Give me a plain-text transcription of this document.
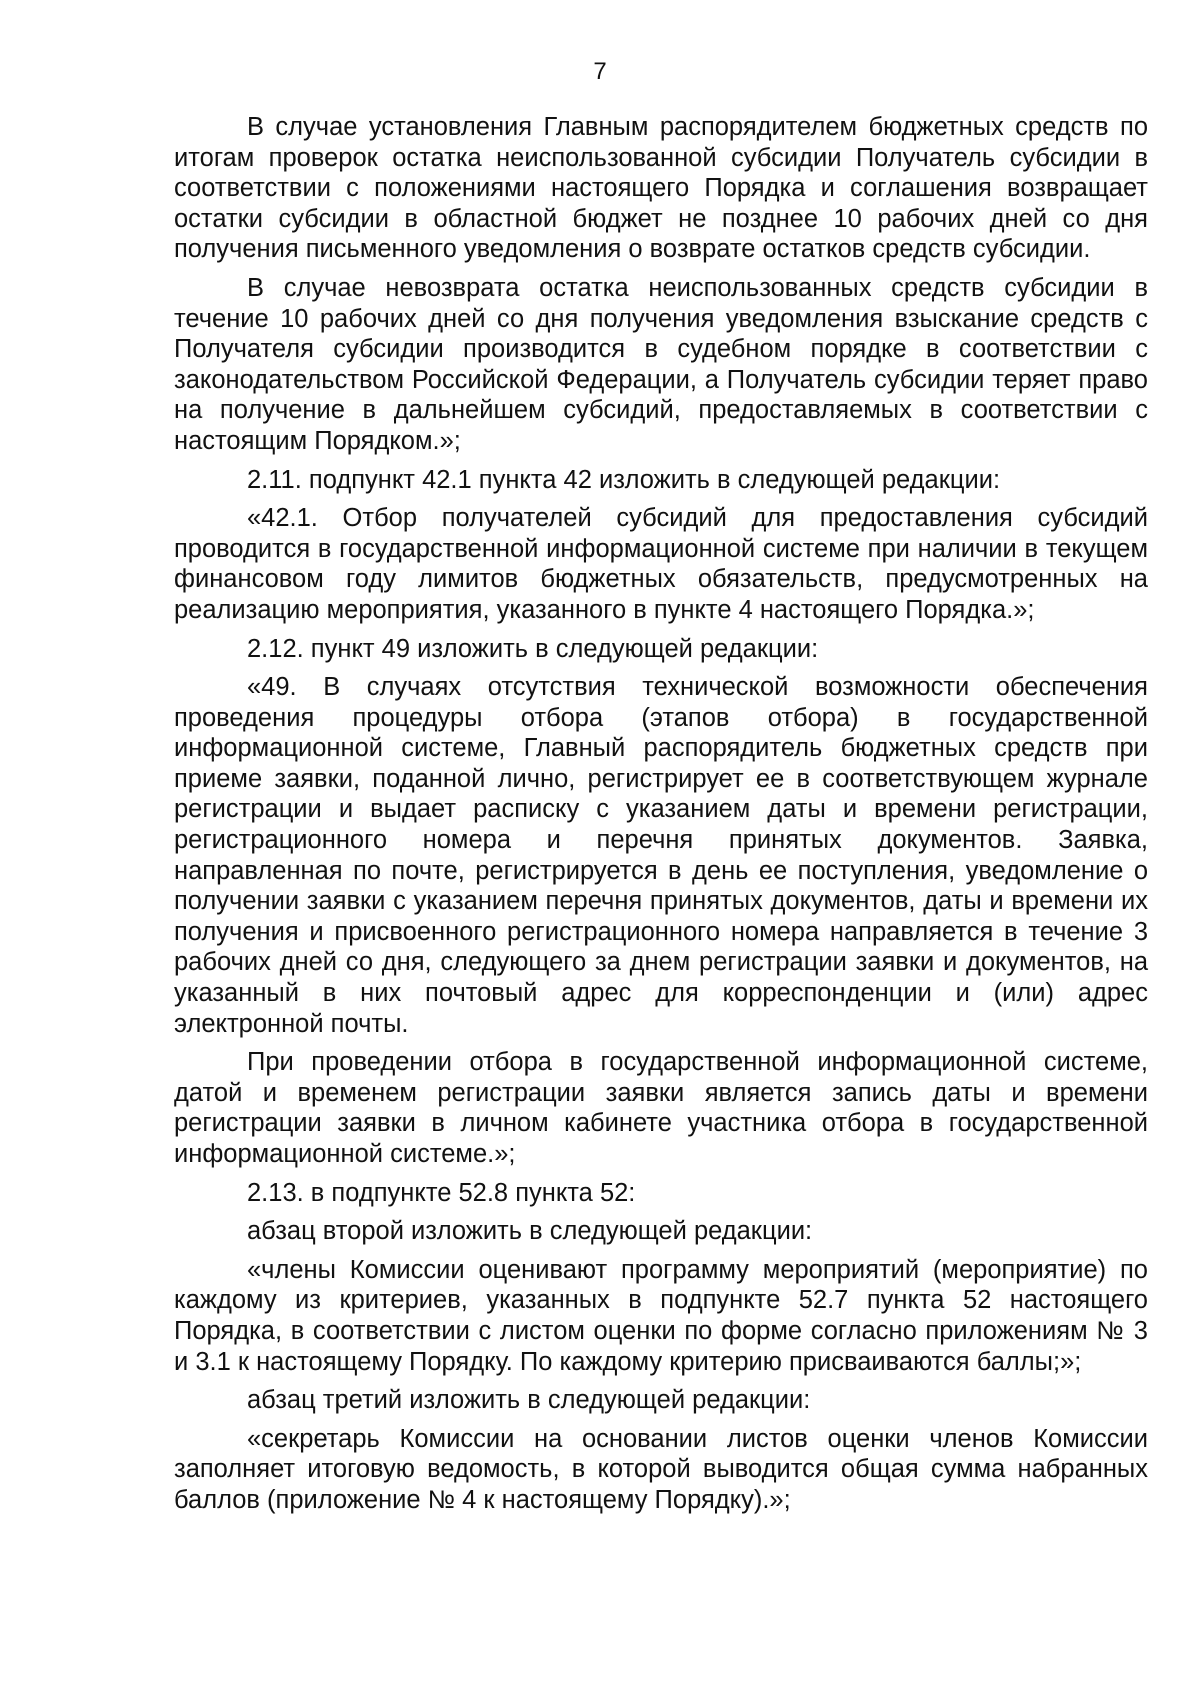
7

В случае установления Главным распорядителем бюджетных средств по итогам проверок остатка неиспользованной субсидии Получатель субсидии в соответствии с положениями настоящего Порядка и соглашения возвращает остатки субсидии в областной бюджет не позднее 10 рабочих дней со дня получения письменного уведомления о возврате остатков средств субсидии.

В случае невозврата остатка неиспользованных средств субсидии в течение 10 рабочих дней со дня получения уведомления взыскание средств с Получателя субсидии производится в судебном порядке в соответствии с законодательством Российской Федерации, а Получатель субсидии теряет право на получение в дальнейшем субсидий, предоставляемых в соответствии с настоящим Порядком.»;

2.11. подпункт 42.1 пункта 42 изложить в следующей редакции:

«42.1. Отбор получателей субсидий для предоставления субсидий проводится в государственной информационной системе при наличии в текущем финансовом году лимитов бюджетных обязательств, предусмотренных на реализацию мероприятия, указанного в пункте 4 настоящего Порядка.»;

2.12. пункт 49 изложить в следующей редакции:

«49. В случаях отсутствия технической возможности обеспечения проведения процедуры отбора (этапов отбора) в государственной информационной системе, Главный распорядитель бюджетных средств при приеме заявки, поданной лично, регистрирует ее в соответствующем журнале регистрации и выдает расписку с указанием даты и времени регистрации, регистрационного номера и перечня принятых документов. Заявка, направленная по почте, регистрируется в день ее поступления, уведомление о получении заявки с указанием перечня принятых документов, даты и времени их получения и присвоенного регистрационного номера направляется в течение 3 рабочих дней со дня, следующего за днем регистрации заявки и документов, на указанный в них почтовый адрес для корреспонденции и (или) адрес электронной почты.

При проведении отбора в государственной информационной системе, датой и временем регистрации заявки является запись даты и времени регистрации заявки в личном кабинете участника отбора в государственной информационной системе.»;

2.13. в подпункте 52.8 пункта 52:

абзац второй изложить в следующей редакции:

«члены Комиссии оценивают программу мероприятий (мероприятие) по каждому из критериев, указанных в подпункте 52.7 пункта 52 настоящего Порядка, в соответствии с листом оценки по форме согласно приложениям № 3 и 3.1 к настоящему Порядку. По каждому критерию присваиваются баллы;»;

абзац третий изложить в следующей редакции:

«секретарь Комиссии на основании листов оценки членов Комиссии заполняет итоговую ведомость, в которой выводится общая сумма набранных баллов (приложение № 4 к настоящему Порядку).»;
